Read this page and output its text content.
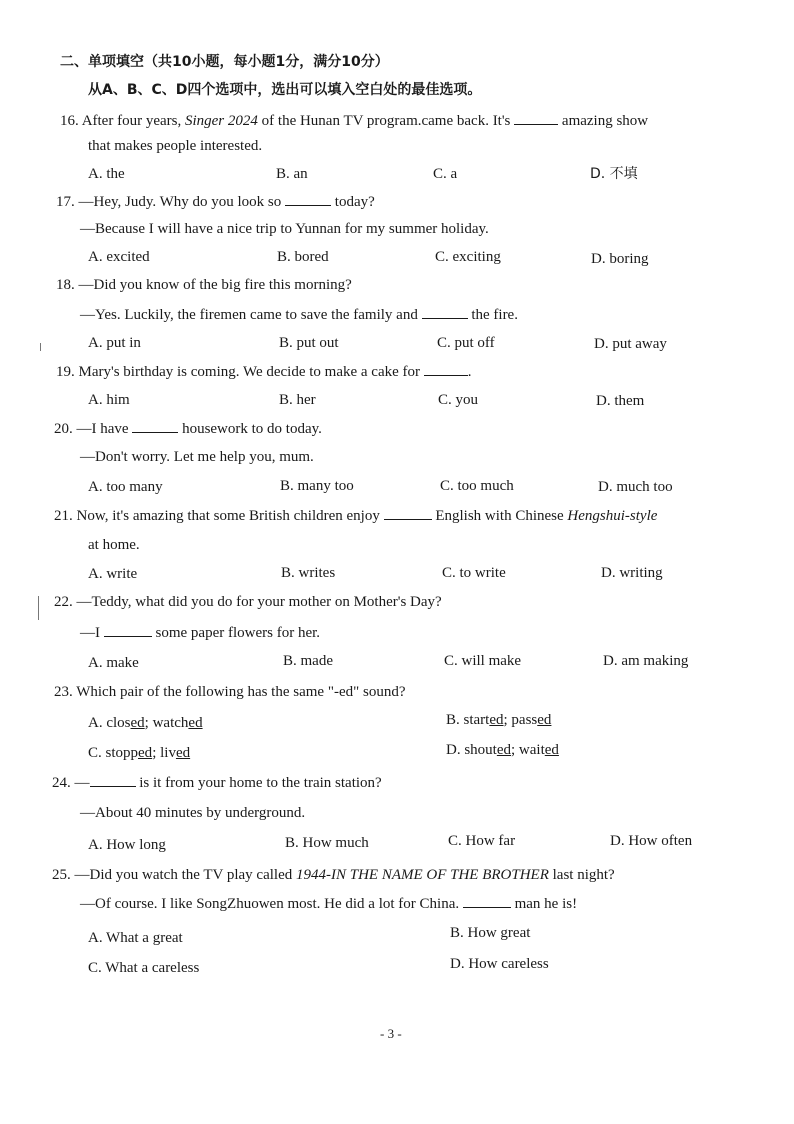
二、单项填空（共10小题，每小题1分，满分10分）
从A、B、C、D四个选项中，选出可以填入空白处的最佳选项。
16. After four years, Singer 2024 of the Hunan TV program.came back. It's	amazing show
that makes people interested.
A. the	B. an	C. a	D. 不填
17. —Hey, Judy. Why do you look so	today?
—Because I will have a nice trip to Yunnan for my summer holiday.
A. excited	B. bored	C. exciting	D. boring
18. —Did you know of the big fire this morning?
—Yes. Luckily, the firemen came to save the family and	the fire.
A. put in	B. put out	C. put off	D. put away
19. Mary's birthday is coming. We decide to make a cake for	.
A. him	B. her	C. you	D. them
20. —I have	housework to do today.
—Don't worry. Let me help you, mum.
A. too many	B. many too	C. too much	D. much too
21. Now, it's amazing that some British children enjoy	English with Chinese Hengshui-style
at home.
A. write	B. writes	C. to write	D. writing
22. —Teddy, what did you do for your mother on Mother's Day?
—I	some paper flowers for her.
A. make	B. made	C. will make	D. am making
23. Which pair of the following has the same "-ed" sound?
A. closed; watched	B. started; passed
C. stopped; lived	D. shouted; waited
24. —	is it from your home to the train station?
—About 40 minutes by underground.
A. How long	B. How much	C. How far	D. How often
25. —Did you watch the TV play called 1944-IN THE NAME OF THE BROTHER last night?
—Of course. I like SongZhuowen most. He did a lot for China.	man he is!
A. What a great	B. How great
C. What a careless	D. How careless
- 3 -
